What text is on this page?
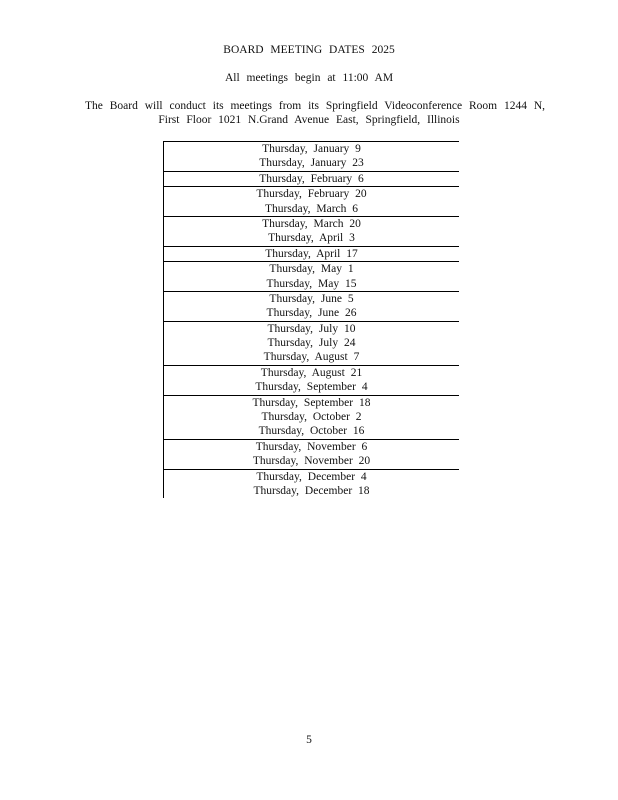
BOARD MEETING DATES 2025
All meetings begin at 11:00 AM
The Board will conduct its meetings from its Springfield Videoconference Room 1244 N,
First Floor 1021 N.Grand Avenue East, Springfield, Illinois
Thursday, January 9
Thursday, January 23
Thursday, February 6
Thursday, February 20
Thursday, March 6
Thursday, March 20
Thursday, April 3
Thursday, April 17
Thursday, May 1
Thursday, May 15
Thursday, June 5
Thursday, June 26
Thursday, July 10
Thursday, July 24
Thursday, August 7
Thursday, August 21
Thursday, September 4
Thursday, September 18
Thursday, October 2
Thursday, October 16
Thursday, November 6
Thursday, November 20
Thursday, December 4
Thursday, December 18
5
